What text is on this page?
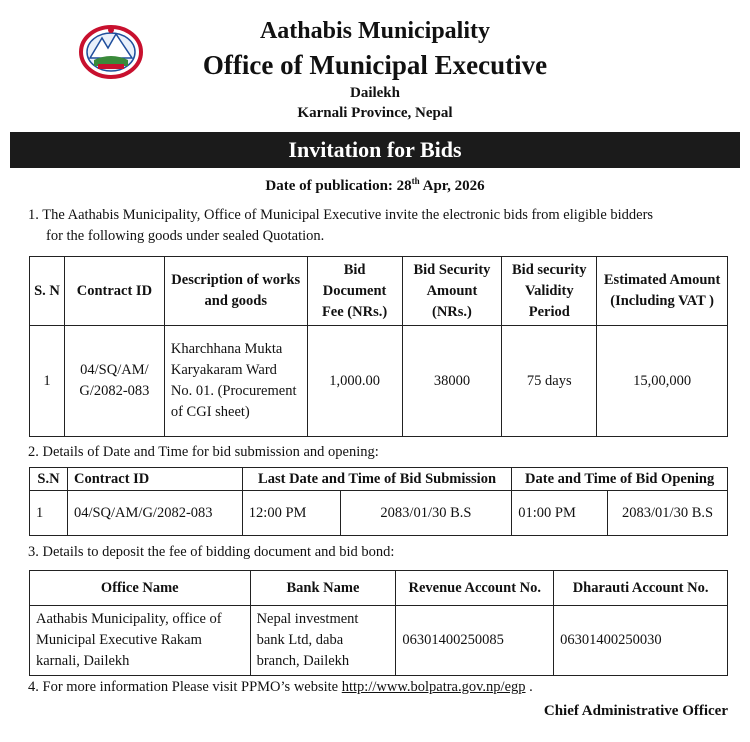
Aathabis Municipality
Office of Municipal Executive
Dailekh
Karnali Province, Nepal
Invitation for Bids
Date of publication: 28th Apr, 2026
1. The Aathabis Municipality, Office of Municipal Executive invite the electronic bids from eligible bidders
for the following goods under sealed Quotation.
S. N	Contract ID	Description of works and goods	Bid Document Fee (NRs.)	Bid Security Amount (NRs.)	Bid security Validity Period	Estimated Amount (Including VAT )
1	04/SQ/AM/ G/2082-083	Kharchhana Mukta Karyakaram Ward No. 01. (Procurement of CGI sheet)	1,000.00	38000	75 days	15,00,000
2. Details of Date and Time for bid submission and opening:
S.N	Contract ID	Last Date and Time of Bid Submission		Date and Time of Bid Opening	
1	04/SQ/AM/G/2082-083	12:00 PM	2083/01/30 B.S	01:00 PM	2083/01/30 B.S
3. Details to deposit the fee of bidding document and bid bond:
Office Name	Bank Name	Revenue Account No.	Dharauti Account No.
Aathabis Municipality, office of Municipal Executive Rakam karnali, Dailekh	Nepal investment bank Ltd, daba branch, Dailekh	06301400250085	06301400250030
4. For more information Please visit PPMO’s website http://www.bolpatra.gov.np/egp .
Chief Administrative Officer
